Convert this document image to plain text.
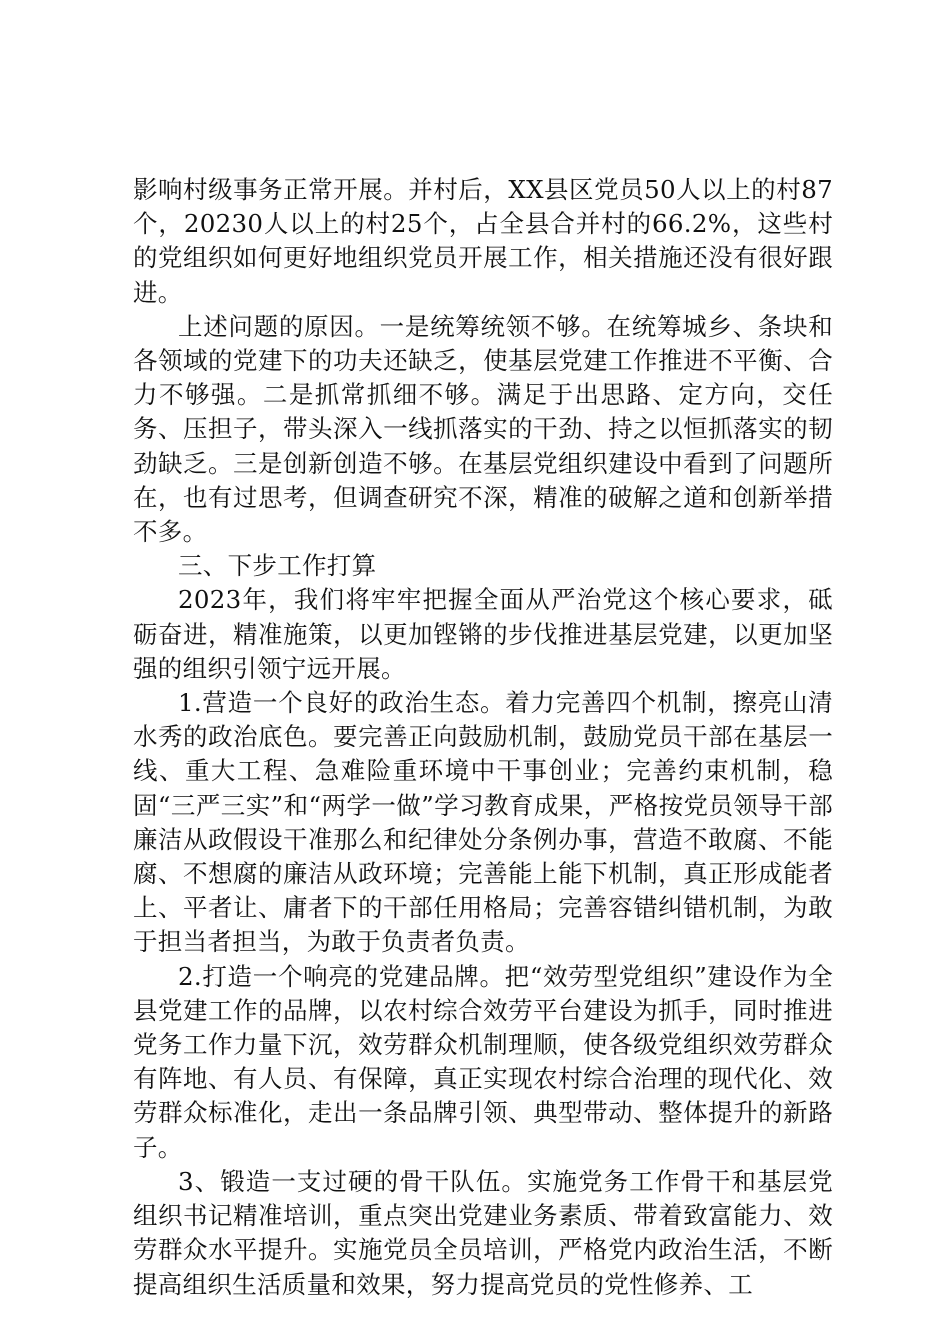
影响村级事务正常开展。并村后，XX县区党员50人以上的村87个，20230人以上的村25个，占全县合并村的66.2%，这些村的党组织如何更好地组织党员开展工作，相关措施还没有很好跟进。

上述问题的原因。一是统筹统领不够。在统筹城乡、条块和各领域的党建下的功夫还缺乏，使基层党建工作推进不平衡、合力不够强。二是抓常抓细不够。满足于出思路、定方向，交任务、压担子，带头深入一线抓落实的干劲、持之以恒抓落实的韧劲缺乏。三是创新创造不够。在基层党组织建设中看到了问题所在，也有过思考，但调查研究不深，精准的破解之道和创新举措不多。

三、下步工作打算

2023年，我们将牢牢把握全面从严治党这个核心要求，砥砺奋进，精准施策，以更加铿锵的步伐推进基层党建，以更加坚强的组织引领宁远开展。

1.营造一个良好的政治生态。着力完善四个机制，擦亮山清水秀的政治底色。要完善正向鼓励机制，鼓励党员干部在基层一线、重大工程、急难险重环境中干事创业；完善约束机制，稳固“三严三实”和“两学一做”学习教育成果，严格按党员领导干部廉洁从政假设干准那么和纪律处分条例办事，营造不敢腐、不能腐、不想腐的廉洁从政环境；完善能上能下机制，真正形成能者上、平者让、庸者下的干部任用格局；完善容错纠错机制，为敢于担当者担当，为敢于负责者负责。

2.打造一个响亮的党建品牌。把“效劳型党组织”建设作为全县党建工作的品牌，以农村综合效劳平台建设为抓手，同时推进党务工作力量下沉，效劳群众机制理顺，使各级党组织效劳群众有阵地、有人员、有保障，真正实现农村综合治理的现代化、效劳群众标准化，走出一条品牌引领、典型带动、整体提升的新路子。

3、锻造一支过硬的骨干队伍。实施党务工作骨干和基层党组织书记精准培训，重点突出党建业务素质、带着致富能力、效劳群众水平提升。实施党员全员培训，严格党内政治生活，不断提高组织生活质量和效果，努力提高党员的党性修养、工
